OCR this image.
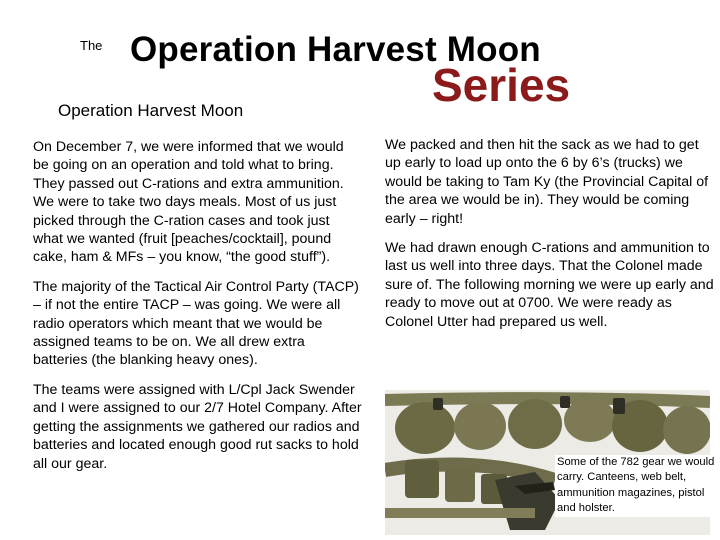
The Operation Harvest Moon
Series
Operation Harvest Moon

On December 7, we were informed that we would be going on an operation and told what to bring. They passed out C-rations and extra ammunition. We were to take two days meals. Most of us just picked through the C-ration cases and took just what we wanted (fruit [peaches/cocktail], pound cake, ham & MFs – you know, “the good stuff”).

The majority of the Tactical Air Control Party (TACP) – if not the entire TACP – was going. We were all radio operators which meant that we would be assigned teams to be on. We all drew extra batteries (the blanking heavy ones).

The teams were assigned with L/Cpl Jack Swender and I were assigned to our 2/7 Hotel Company. After getting the assignments we gathered our radios and batteries and located enough good rut sacks to hold all our gear.

We packed and then hit the sack as we had to get up early to load up onto the 6 by 6’s (trucks) we would be taking to Tam Ky (the Provincial Capital of the area we would be in). They would be coming early – right!

We had drawn enough C-rations and ammunition to last us well into three days. That the Colonel made sure of. The following morning we were up early and ready to move out at 0700. We were ready as Colonel Utter had prepared us well.

Some of the 782 gear we would carry. Canteens, web belt, ammunition magazines, pistol and holster.
